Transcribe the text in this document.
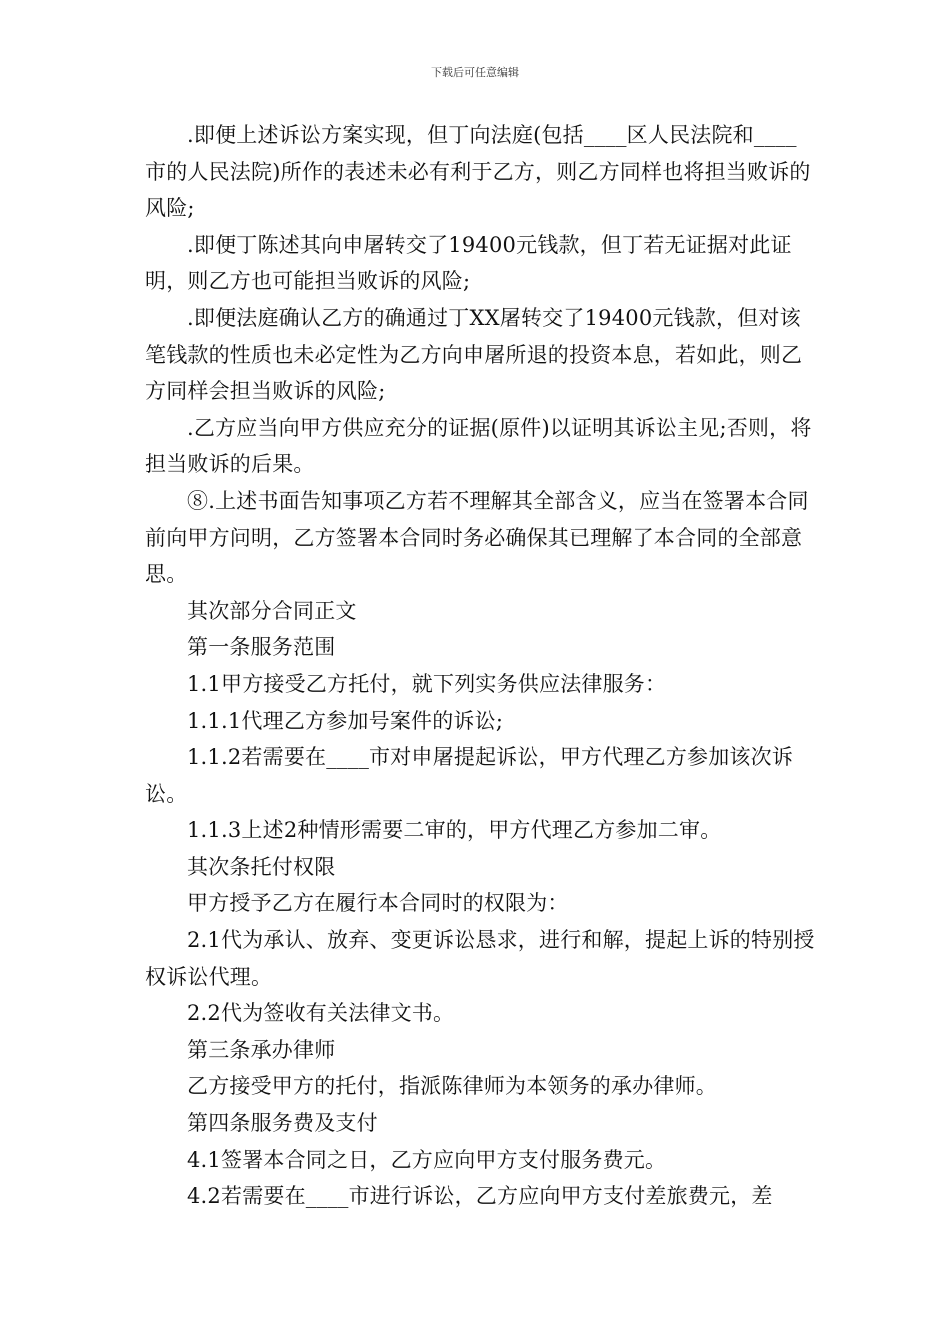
下载后可任意编辑

.即便上述诉讼方案实现，但丁向法庭(包括____区人民法院和____市的人民法院)所作的表述未必有利于乙方，则乙方同样也将担当败诉的风险;

.即便丁陈述其向申屠转交了19400元钱款，但丁若无证据对此证明，则乙方也可能担当败诉的风险;

.即便法庭确认乙方的确通过丁XX屠转交了19400元钱款，但对该笔钱款的性质也未必定性为乙方向申屠所退的投资本息，若如此，则乙方同样会担当败诉的风险;

.乙方应当向甲方供应充分的证据(原件)以证明其诉讼主见;否则，将担当败诉的后果。

⑧.上述书面告知事项乙方若不理解其全部含义，应当在签署本合同前向甲方问明，乙方签署本合同时务必确保其已理解了本合同的全部意思。

其次部分合同正文

第一条服务范围

1.1甲方接受乙方托付，就下列实务供应法律服务：

1.1.1代理乙方参加号案件的诉讼;

1.1.2若需要在____市对申屠提起诉讼，甲方代理乙方参加该次诉讼。

1.1.3上述2种情形需要二审的，甲方代理乙方参加二审。

其次条托付权限

甲方授予乙方在履行本合同时的权限为：

2.1代为承认、放弃、变更诉讼恳求，进行和解，提起上诉的特别授权诉讼代理。

2.2代为签收有关法律文书。

第三条承办律师

乙方接受甲方的托付，指派陈律师为本领务的承办律师。

第四条服务费及支付

4.1签署本合同之日，乙方应向甲方支付服务费元。

4.2若需要在____市进行诉讼，乙方应向甲方支付差旅费元，差
